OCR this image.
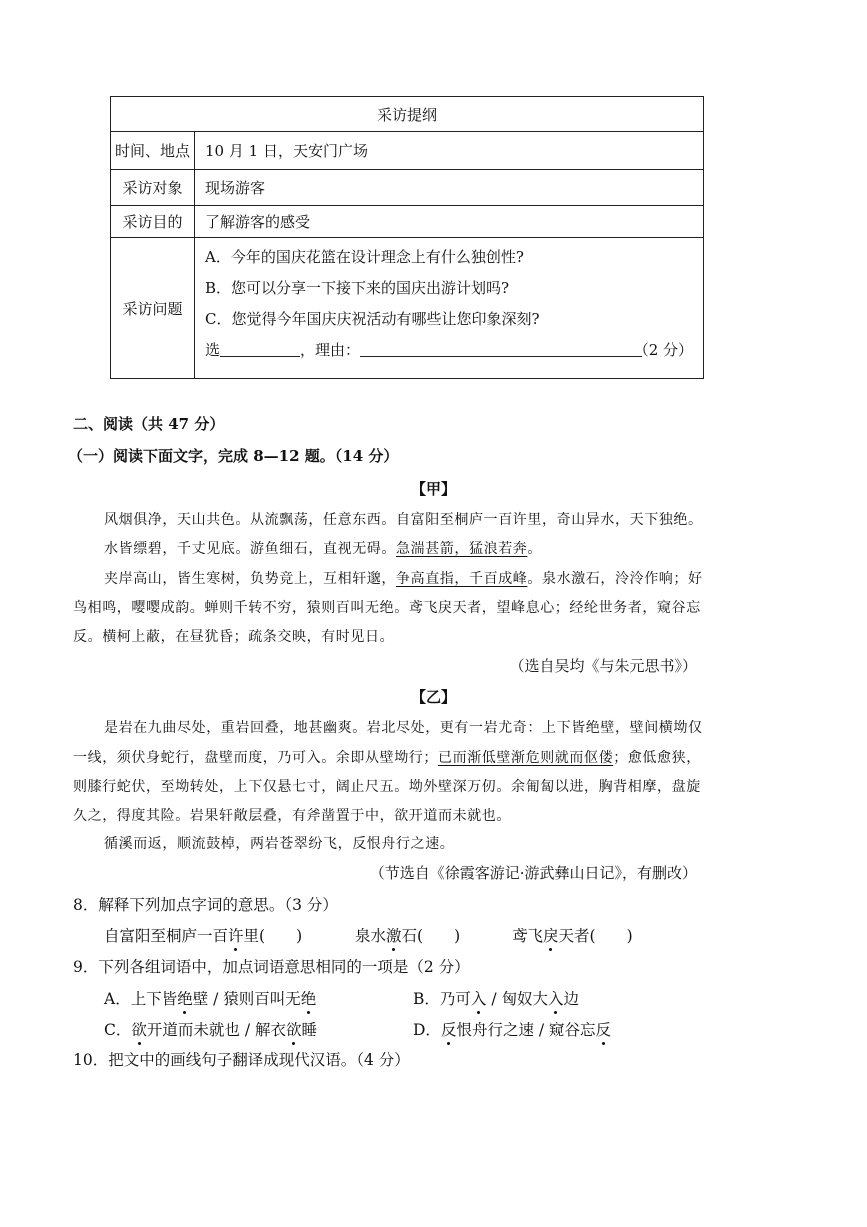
采访提纲	
时间、地点	10 月 1 日，天安门广场
采访对象	现场游客
采访目的	了解游客的感受
采访问题	A．今年的国庆花篮在设计理念上有什么独创性?
B．您可以分享一下接下来的国庆出游计划吗?
C．您觉得今年国庆庆祝活动有哪些让您印象深刻?
选 ，理由： （2 分）
二、阅读（共 47 分）
（一）阅读下面文字，完成 8—12 题。（14 分）
【甲】
风烟俱净，天山共色。从流飘荡，任意东西。自富阳至桐庐一百许里，奇山异水，天下独绝。
水皆缥碧，千丈见底。游鱼细石，直视无碍。急湍甚箭，猛浪若奔。
夹岸高山，皆生寒树，负势竞上，互相轩邈，争高直指，千百成峰。泉水激石，泠泠作响；好
鸟相鸣，嘤嘤成韵。蝉则千转不穷，猿则百叫无绝。鸢飞戾天者，望峰息心；经纶世务者，窥谷忘
反。横柯上蔽，在昼犹昏；疏条交映，有时见日。
（选自吴均《与朱元思书》）
【乙】
是岩在九曲尽处，重岩回叠，地甚幽爽。岩北尽处，更有一岩尤奇：上下皆绝壁，壁间横坳仅
一线，须伏身蛇行，盘壁而度，乃可入。余即从壁坳行；已而渐低壁渐危则就而伛偻；愈低愈狭，
则膝行蛇伏，至坳转处，上下仅悬七寸，阔止尺五。坳外壁深万仞。余匍匐以进，胸背相摩，盘旋
久之，得度其险。岩果轩敞层叠，有斧凿置于中，欲开道而未就也。
循溪而返，顺流鼓棹，两岩苍翠纷飞，反恨舟行之速。
（节选自《徐霞客游记·游武彝山日记》，有删改）
8．解释下列加点字词的意思。（3 分）
自富阳至桐庐一百许里(　　)	泉水激石(　　)	鸢飞戾天者(　　)
9．下列各组词语中，加点词语意思相同的一项是（2 分）
A．上下皆绝壁 / 猿则百叫无绝	B．乃可入 / 匈奴大入边
C．欲开道而未就也 / 解衣欲睡	D．反恨舟行之速 / 窥谷忘反
10．把文中的画线句子翻译成现代汉语。（4 分）
